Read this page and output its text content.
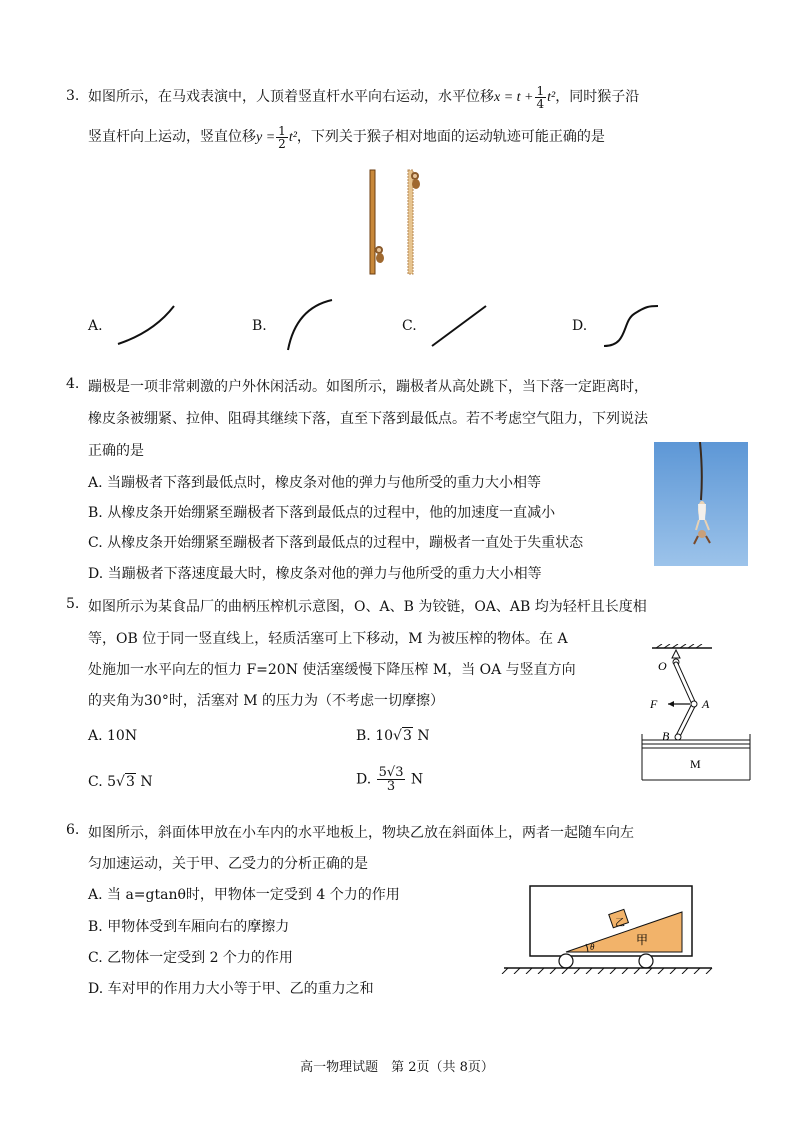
3. 如图所示，在马戏表演中，人顶着竖直杆水平向右运动，水平位移$x = t + \frac{1}{4} t^2$，同时猴子沿
竖直杆向上运动，竖直位移$y = \frac{1}{2} t^2$，下列关于猴子相对地面的运动轨迹可能正确的是
A.	B.	C.	D.
4. 蹦极是一项非常刺激的户外休闲活动。如图所示，蹦极者从高处跳下，当下落一定距离时，
橡皮条被绷紧、拉伸、阻碍其继续下落，直至下落到最低点。若不考虑空气阻力，下列说法
正确的是
A. 当蹦极者下落到最低点时，橡皮条对他的弹力与他所受的重力大小相等
B. 从橡皮条开始绷紧至蹦极者下落到最低点的过程中，他的加速度一直减小
C. 从橡皮条开始绷紧至蹦极者下落到最低点的过程中，蹦极者一直处于失重状态
D. 当蹦极者下落速度最大时，橡皮条对他的弹力与他所受的重力大小相等
5. 如图所示为某食品厂的曲柄压榨机示意图，O、A、B 为铰链，OA、AB 均为轻杆且长度相
等，OB 位于同一竖直线上，轻质活塞可上下移动，M 为被压榨的物体。在 A
处施加一水平向左的恒力 F=20N 使活塞缓慢下降压榨 M，当 OA 与竖直方向
的夹角为30°时，活塞对 M 的压力为（不考虑一切摩擦）
A. 10N	B. 10√3 N
C. 5√3 N	D. $\frac{5√3}{3}$ N
O
F	A
B
M
6. 如图所示，斜面体甲放在小车内的水平地板上，物块乙放在斜面体上，两者一起随车向左
匀加速运动，关于甲、乙受力的分析正确的是
A. 当 a=gtanθ时，甲物体一定受到 4 个力的作用
B. 甲物体受到车厢向右的摩擦力
C. 乙物体一定受到 2 个力的作用
D. 车对甲的作用力大小等于甲、乙的重力之和
甲
乙
θ
高一物理试题　第 2页（共 8页）
